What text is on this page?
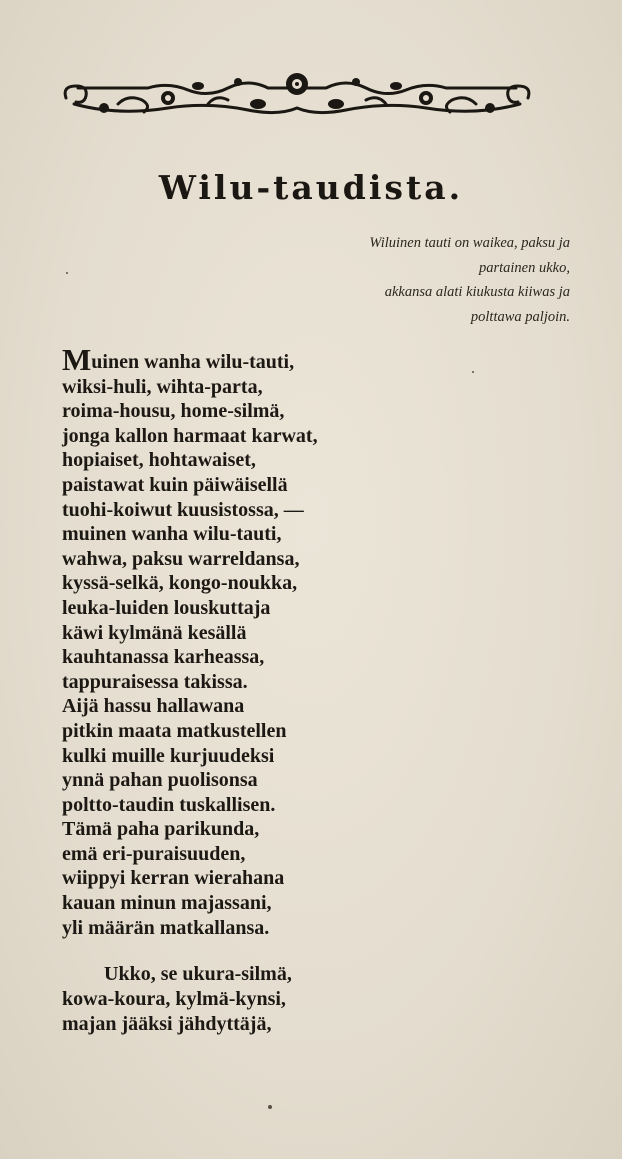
Wilu-taudista.
Wiluinen tauti on waikea, paksu ja
partainen ukko,
akkansa alati kiukusta kiiwas ja
polttawa paljoin.
Muinen wanha wilu-tauti,
wiksi-huli, wihta-parta,
roima-housu, home-silmä,
jonga kallon harmaat karwat,
hopiaiset, hohtawaiset,
paistawat kuin päiwäisellä
tuohi-koiwut kuusistossa, —
muinen wanha wilu-tauti,
wahwa, paksu warreldansa,
kyssä-selkä, kongo-noukka,
leuka-luiden louskuttaja
käwi kylmänä kesällä
kauhtanassa karheassa,
tappuraisessa takissa.
Aijä hassu hallawana
pitkin maata matkustellen
kulki muille kurjuudeksi
ynnä pahan puolisonsa
poltto-taudin tuskallisen.
Tämä paha parikunda,
emä eri-puraisuuden,
wiippyi kerran wierahana
kauan minun majassani,
yli määrän matkallansa.
Ukko, se ukura-silmä,
kowa-koura, kylmä-kynsi,
majan jääksi jähdyttäjä,
